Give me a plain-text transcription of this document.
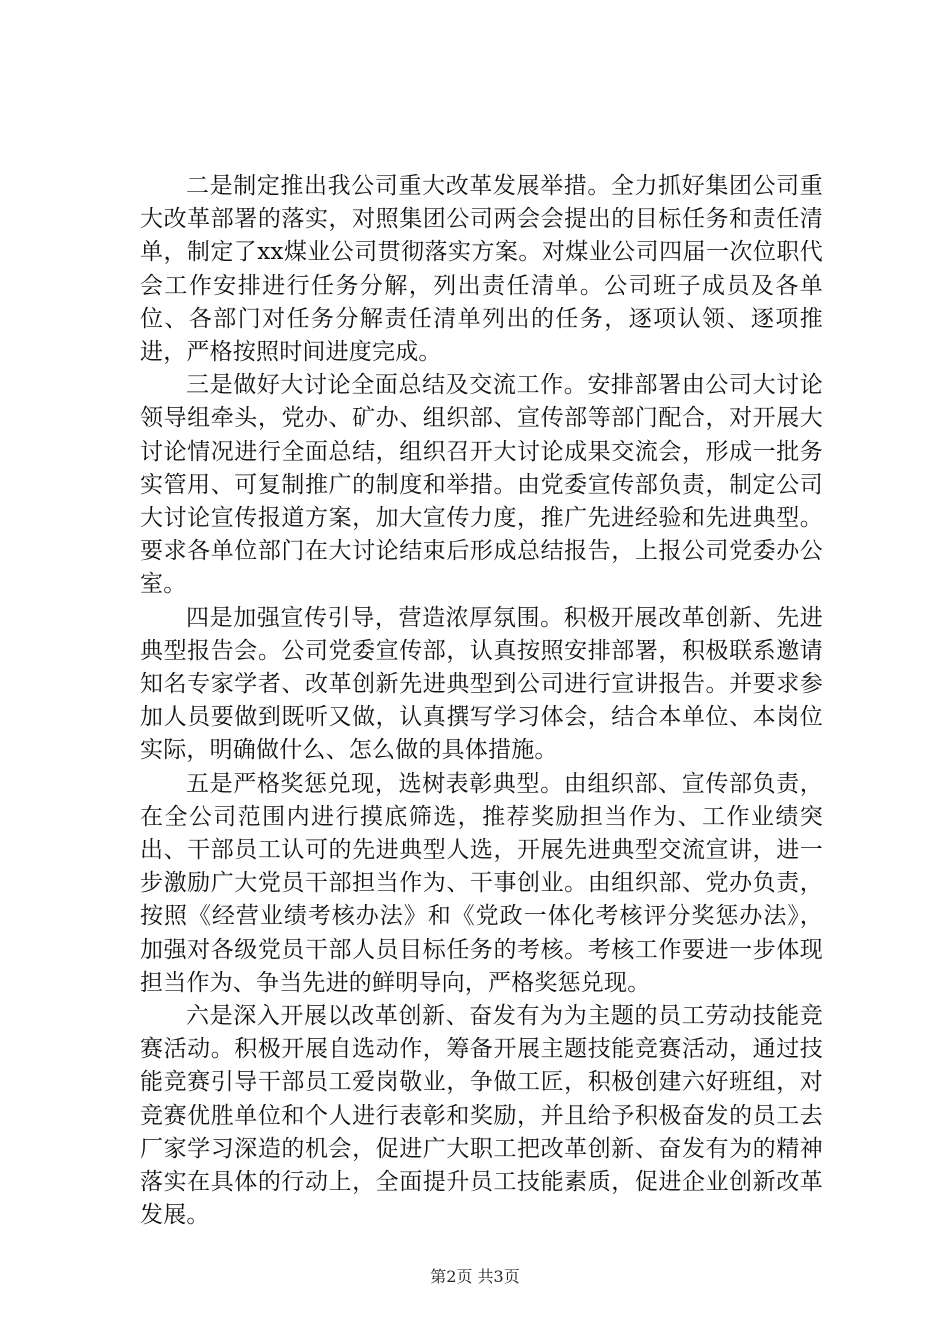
二是制定推出我公司重大改革发展举措。全力抓好集团公司重大改革部署的落实，对照集团公司两会会提出的目标任务和责任清单，制定了xx煤业公司贯彻落实方案。对煤业公司四届一次位职代会工作安排进行任务分解，列出责任清单。公司班子成员及各单位、各部门对任务分解责任清单列出的任务，逐项认领、逐项推进，严格按照时间进度完成。

三是做好大讨论全面总结及交流工作。安排部署由公司大讨论领导组牵头，党办、矿办、组织部、宣传部等部门配合，对开展大讨论情况进行全面总结，组织召开大讨论成果交流会，形成一批务实管用、可复制推广的制度和举措。由党委宣传部负责，制定公司大讨论宣传报道方案，加大宣传力度，推广先进经验和先进典型。要求各单位部门在大讨论结束后形成总结报告，上报公司党委办公室。

四是加强宣传引导，营造浓厚氛围。积极开展改革创新、先进典型报告会。公司党委宣传部，认真按照安排部署，积极联系邀请知名专家学者、改革创新先进典型到公司进行宣讲报告。并要求参加人员要做到既听又做，认真撰写学习体会，结合本单位、本岗位实际，明确做什么、怎么做的具体措施。

五是严格奖惩兑现，选树表彰典型。由组织部、宣传部负责，在全公司范围内进行摸底筛选，推荐奖励担当作为、工作业绩突出、干部员工认可的先进典型人选，开展先进典型交流宣讲，进一步激励广大党员干部担当作为、干事创业。由组织部、党办负责，按照《经营业绩考核办法》和《党政一体化考核评分奖惩办法》，加强对各级党员干部人员目标任务的考核。考核工作要进一步体现担当作为、争当先进的鲜明导向，严格奖惩兑现。

六是深入开展以改革创新、奋发有为为主题的员工劳动技能竞赛活动。积极开展自选动作，筹备开展主题技能竞赛活动，通过技能竞赛引导干部员工爱岗敬业，争做工匠，积极创建六好班组，对竞赛优胜单位和个人进行表彰和奖励，并且给予积极奋发的员工去厂家学习深造的机会，促进广大职工把改革创新、奋发有为的精神落实在具体的行动上，全面提升员工技能素质，促进企业创新改革发展。

第2页 共3页
